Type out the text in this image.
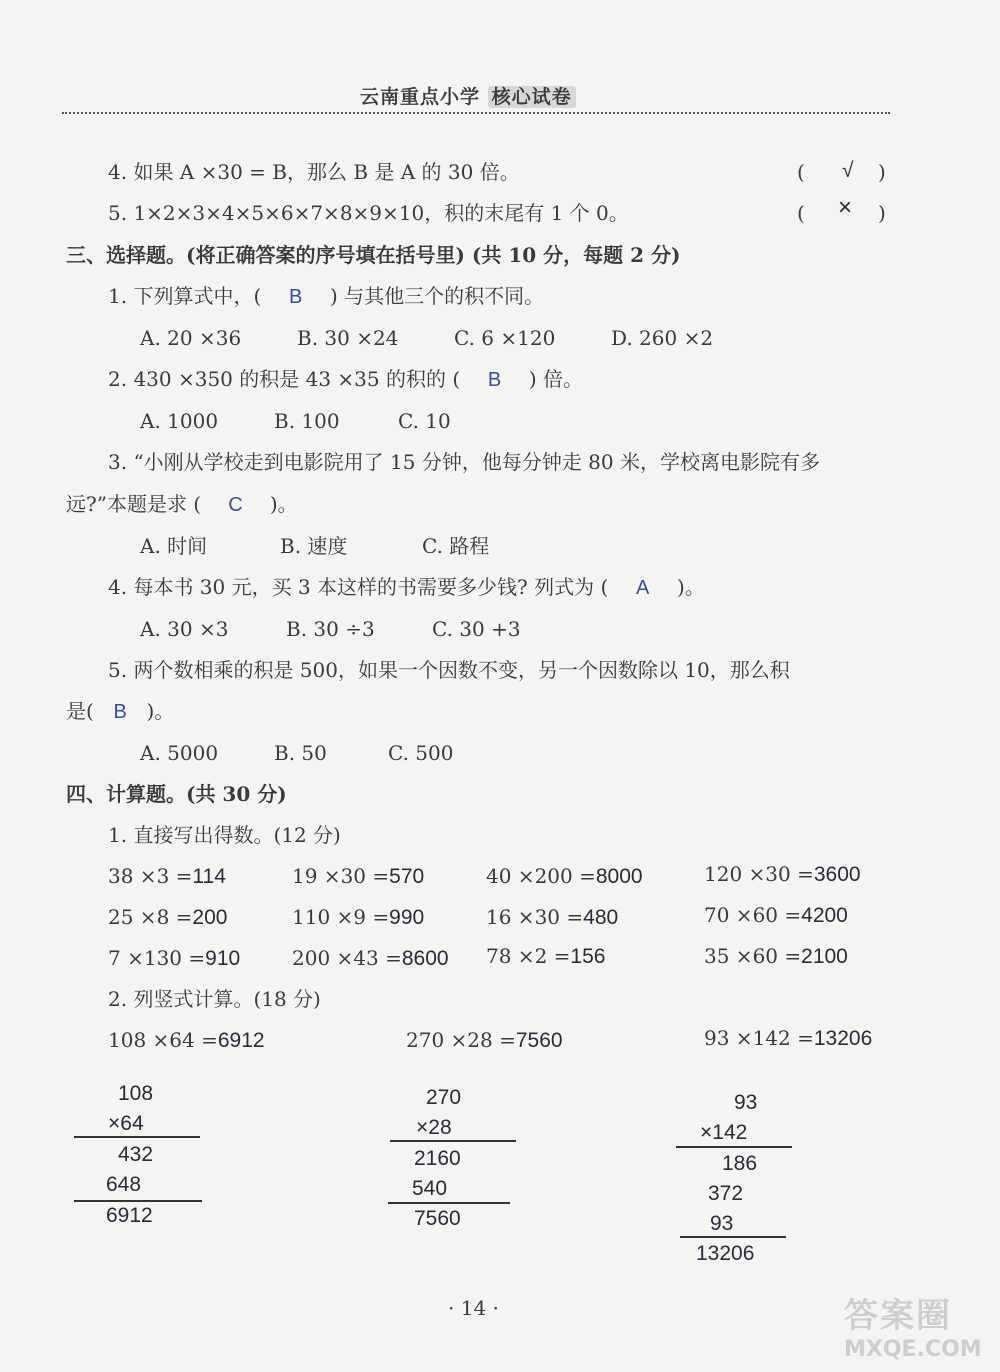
云南重点小学 核心试卷
4. 如果 A ×30 = B，那么 B 是 A 的 30 倍。	( √ )
5. 1×2×3×4×5×6×7×8×9×10，积的末尾有 1 个 0。	( × )
三、选择题。(将正确答案的序号填在括号里) (共 10 分，每题 2 分)
1. 下列算式中，( B ) 与其他三个的积不同。
A. 20 ×36	B. 30 ×24	C. 6 ×120	D. 260 ×2
2. 430 ×350 的积是 43 ×35 的积的 ( B ) 倍。
A. 1000	B. 100	C. 10
3. “小刚从学校走到电影院用了 15 分钟，他每分钟走 80 米，学校离电影院有多
远?”本题是求 ( C )。
A. 时间	B. 速度	C. 路程
4. 每本书 30 元，买 3 本这样的书需要多少钱? 列式为 ( A )。
A. 30 ×3	B. 30 ÷3	C. 30 +3
5. 两个数相乘的积是 500，如果一个因数不变，另一个因数除以 10，那么积
是( B )。
A. 5000	B. 50	C. 500
四、计算题。(共 30 分)
1. 直接写出得数。(12 分)
38 ×3 =114	19 ×30 =570	40 ×200 =8000	120 ×30 =3600
25 ×8 =200	110 ×9 =990	16 ×30 =480	70 ×60 =4200
7 ×130 =910	200 ×43 =8600 78 ×2 =156	35 ×60 =2100
2. 列竖式计算。(18 分)
108 ×64 =6912	270 ×28 =7560	93 ×142 =13206
108
×64
432
648
6912
270
×28
2160
540
7560
93
×142
186
372
93
13206
· 14 ·	答案圈
MXQE.COM
